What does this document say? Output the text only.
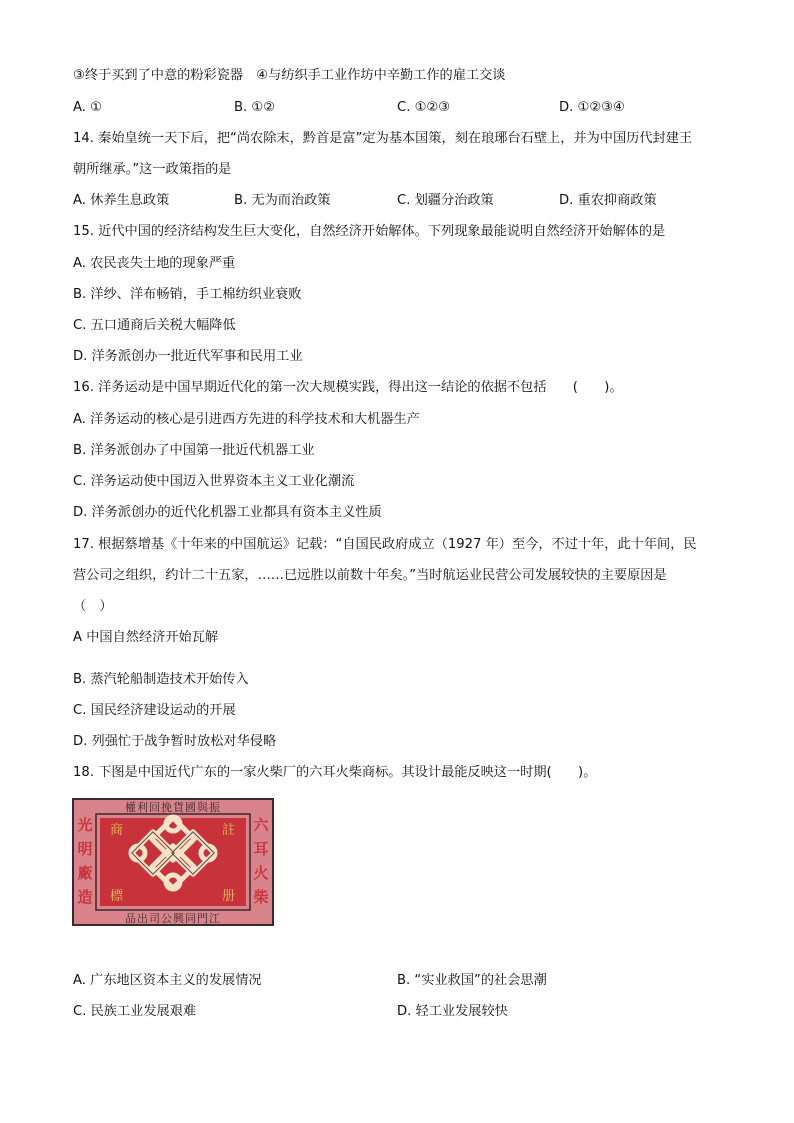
③终于买到了中意的粉彩瓷器　④与纺织手工业作坊中辛勤工作的雇工交谈
A. ①	B. ①②	C. ①②③	D. ①②③④
14. 秦始皇统一天下后，把“尚农除末，黔首是富”定为基本国策，刻在琅琊台石壁上，并为中国历代封建王
朝所继承。”这一政策指的是
A. 休养生息政策	B. 无为而治政策	C. 划疆分治政策	D. 重农抑商政策
15. 近代中国的经济结构发生巨大变化，自然经济开始解体。下列现象最能说明自然经济开始解体的是
A. 农民丧失土地的现象严重
B. 洋纱、洋布畅销，手工棉纺织业衰败
C. 五口通商后关税大幅降低
D. 洋务派创办一批近代军事和民用工业
16. 洋务运动是中国早期近代化的第一次大规模实践，得出这一结论的依据不包括 (　　)。
A. 洋务运动的核心是引进西方先进的科学技术和大机器生产
B. 洋务派创办了中国第一批近代机器工业
C. 洋务运动使中国迈入世界资本主义工业化潮流
D. 洋务派创办的近代化机器工业都具有资本主义性质
17. 根据蔡增基《十年来的中国航运》记载：“自国民政府成立（1927 年）至今，不过十年，此十年间，民
营公司之组织，约计二十五家，……已远胜以前数十年矣。”当时航运业民营公司发展较快的主要原因是
（　）
A 中国自然经济开始瓦解
B. 蒸汽轮船制造技术开始传入
C. 国民经济建设运动的开展
D. 列强忙于战争暂时放松对华侵略
18. 下图是中国近代广东的一家火柴厂的六耳火柴商标。其设计最能反映这一时期(　　)。
權利回挽貨國與振
品出司公興同門江
商	註
標	册
光
明
廠
造
六
耳
火
柴
A. 广东地区资本主义的发展情况	B. “实业救国”的社会思潮
C. 民族工业发展艰难	D. 轻工业发展较快
